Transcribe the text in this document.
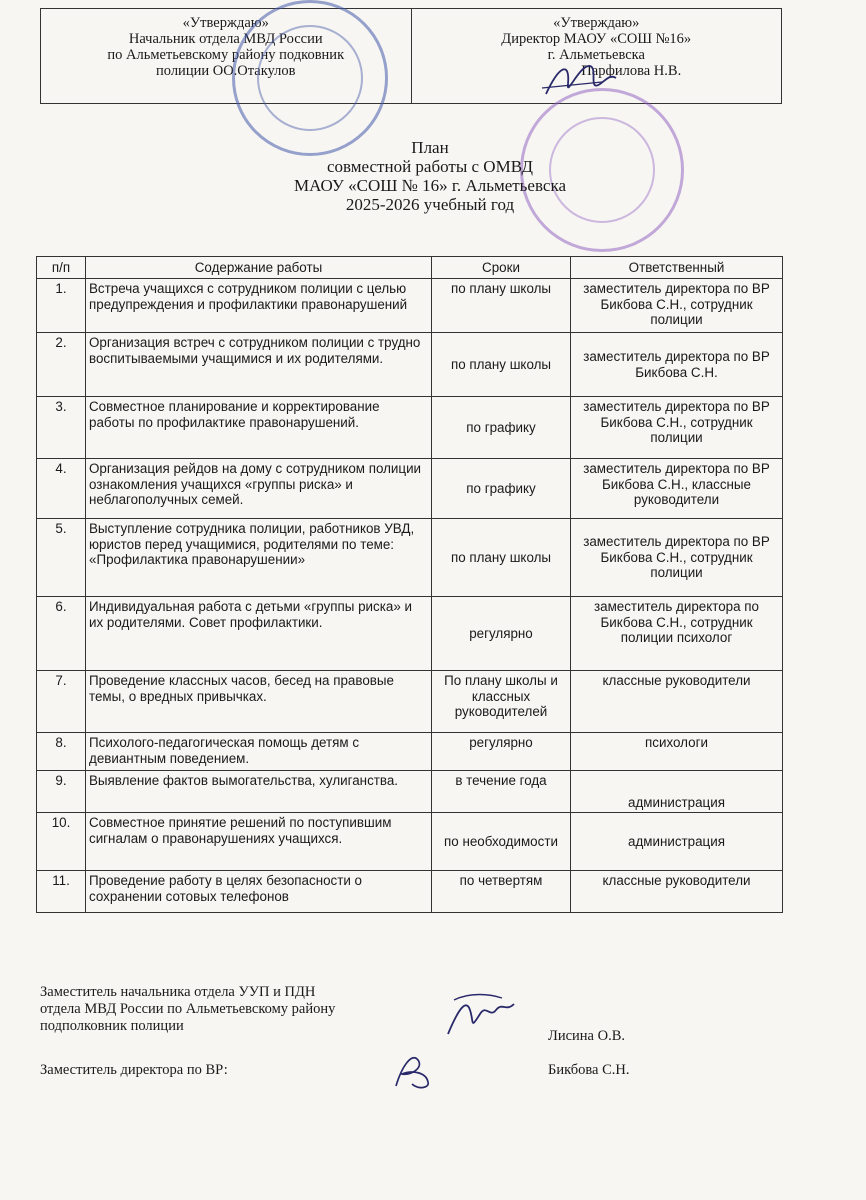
«Утверждаю»
Начальник отдела МВД России
по Альметьевскому району подковник
полиции ОО.Отакулов
«Утверждаю»
Директор МАОУ «СОШ №16»
г. Альметьевска
Парфилова Н.В.
План
совместной работы с ОМВД
МАОУ «СОШ № 16» г. Альметьевска
2025-2026 учебный год
п/п	Содержание работы	Сроки	Ответственный
1.	Встреча учащихся с сотрудником полиции с целью предупреждения и профилактики правонарушений	по плану школы	заместитель директора по ВР Бикбова С.Н., сотрудник полиции
2.	Организация встреч с сотрудником полиции с трудно воспитываемыми учащимися и их родителями.	по плану школы	заместитель директора по ВР Бикбова С.Н.
3.	Совместное планирование и корректирование работы по профилактике правонарушений.	по графику	заместитель директора по ВР Бикбова С.Н., сотрудник полиции
4.	Организация рейдов на дому с сотрудником полиции ознакомления учащихся «группы риска» и неблагополучных семей.	по графику	заместитель директора по ВР Бикбова С.Н., классные руководители
5.	Выступление сотрудника полиции, работников УВД, юристов перед учащимися, родителями по теме: «Профилактика правонарушении»	по плану школы	заместитель директора по ВР Бикбова С.Н., сотрудник полиции
6.	Индивидуальная работа с детьми «группы риска» и их родителями. Совет профилактики.	регулярно	заместитель директора по Бикбова С.Н., сотрудник полиции психолог
7.	Проведение классных часов, бесед на правовые темы, о вредных привычках.	По плану школы и классных руководителей	классные руководители
8.	Психолого-педагогическая помощь детям с девиантным поведением.	регулярно	психологи
9.	Выявление фактов вымогательства, хулиганства.	в течение года	администрация
10.	Совместное принятие решений по поступившим сигналам о правонарушениях учащихся.	по необходимости	администрация
11.	Проведение работу в целях безопасности о сохранении сотовых телефонов	по четвертям	классные руководители
Заместитель начальника отдела УУП и ПДН
отдела МВД России по Альметьевскому району
подполковник полиции
Лисина О.В.
Заместитель директора по ВР:	Бикбова С.Н.
